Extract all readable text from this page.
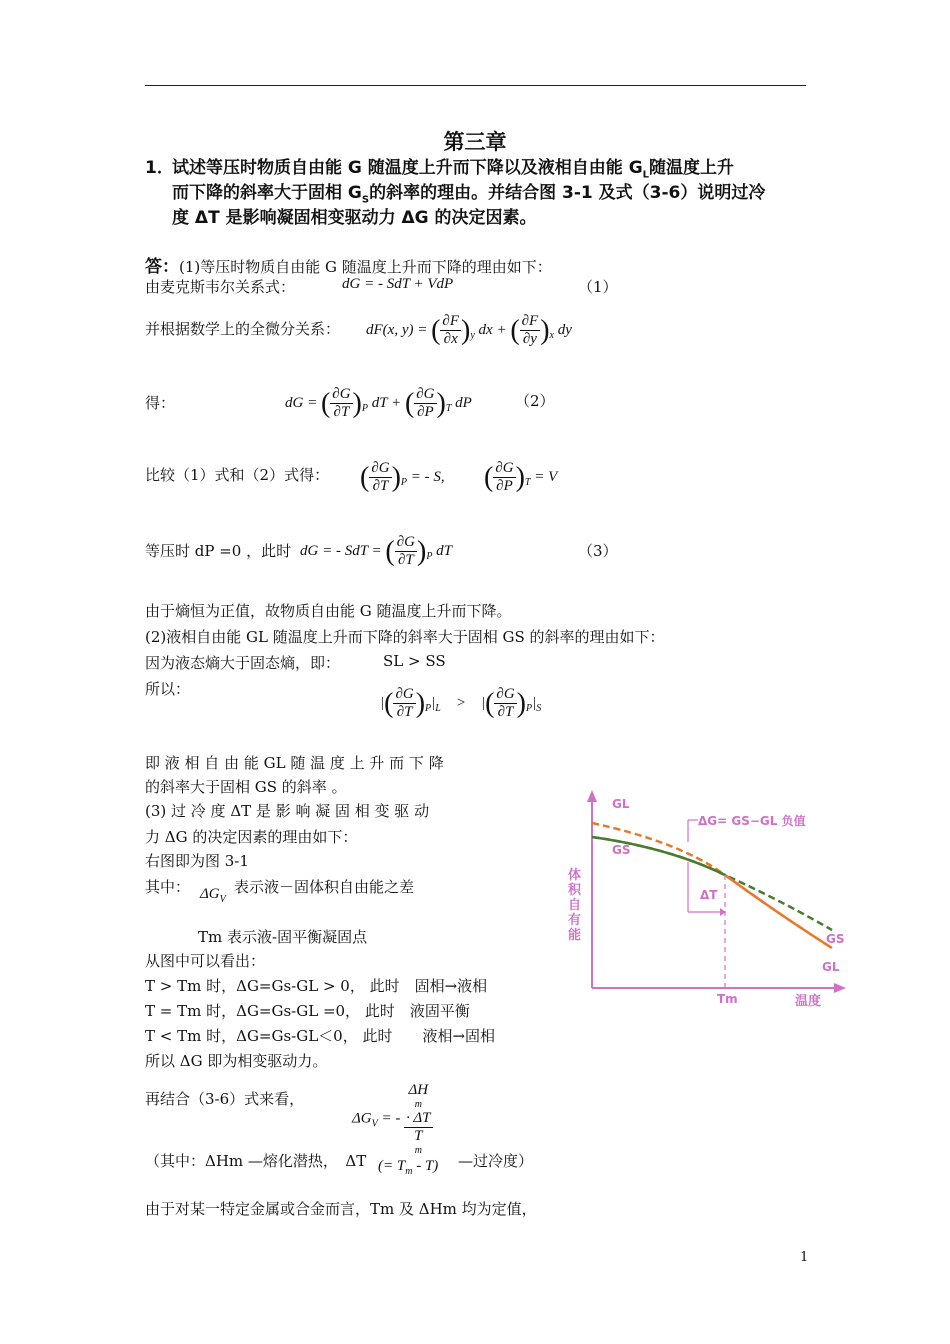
第三章
1．
试述等压时物质自由能 G 随温度上升而下降以及液相自由能 $G_L$随温度上升
而下降的斜率大于固相 $G_S$的斜率的理由。并结合图 3-1 及式（3-6）说明过冷
度 ΔT 是影响凝固相变驱动力 ΔG 的决定因素。
答：(1)等压时物质自由能 G 随温度上升而下降的理由如下：
由麦克斯韦尔关系式：	dG = - SdT + VdP	（1）
并根据数学上的全微分关系： dF(x, y) = ( $\frac{\partial F}{\partial x} )_y$ dx + ( $\frac{\partial F}{\partial y} )_x$ dy
得：	dG = ( $\frac{\partial G}{\partial T} )_P$ dT + ( $\frac{\partial G}{\partial P} )_T$ dP	（2）
比较（1）式和（2）式得： ( $\frac{\partial G}{\partial T} )_P$ = - S, ( $\frac{\partial G}{\partial P} )_T = V$
等压时 dP =0 ，此时 dG = - SdT = ( $\frac{\partial G}{\partial T} )_P$ dT	（3）
由于熵恒为正值，故物质自由能 G 随温度上升而下降。
(2)液相自由能 GL 随温度上升而下降的斜率大于固相 GS 的斜率的理由如下：
因为液态熵大于固态熵，即：	SL > SS
所以：
|( $\frac{\partial G}{\partial T} )_P|_L$    >    |( $\frac{\partial G}{\partial T} )_P|_S$
即 液 相 自 由 能 GL 随 温 度 上 升 而 下 降
的斜率大于固相 GS 的斜率 。
(3) 过 冷 度 ΔT 是 影 响 凝 固 相 变 驱 动
力 ΔG 的决定因素的理由如下：
右图即为图 3-1
其中： $\Delta G_V$
表示液－固体积自由能之差
Tm 表示液-固平衡凝固点
从图中可以看出：
T > Tm 时，ΔG=Gs-GL > 0， 此时　固相→液相
T = Tm 时，ΔG=Gs-GL =0， 此时　液固平衡
T < Tm 时，ΔG=Gs-GL＜0， 此时　　液相→固相
所以 ΔG 即为相变驱动力。
再结合（3-6）式来看，
$\Delta G_V$ = - ΔH
m
· ΔT
T
m
（其中：ΔHm —熔化潜热，　ΔT (= $T_m - T$) —过冷度）
由于对某一特定金属或合金而言，Tm 及 ΔHm 均为定值，
1
体积自有能
温度
GL
GS
ΔG= GS−GL 负值
ΔT
Tm
GS
GL
